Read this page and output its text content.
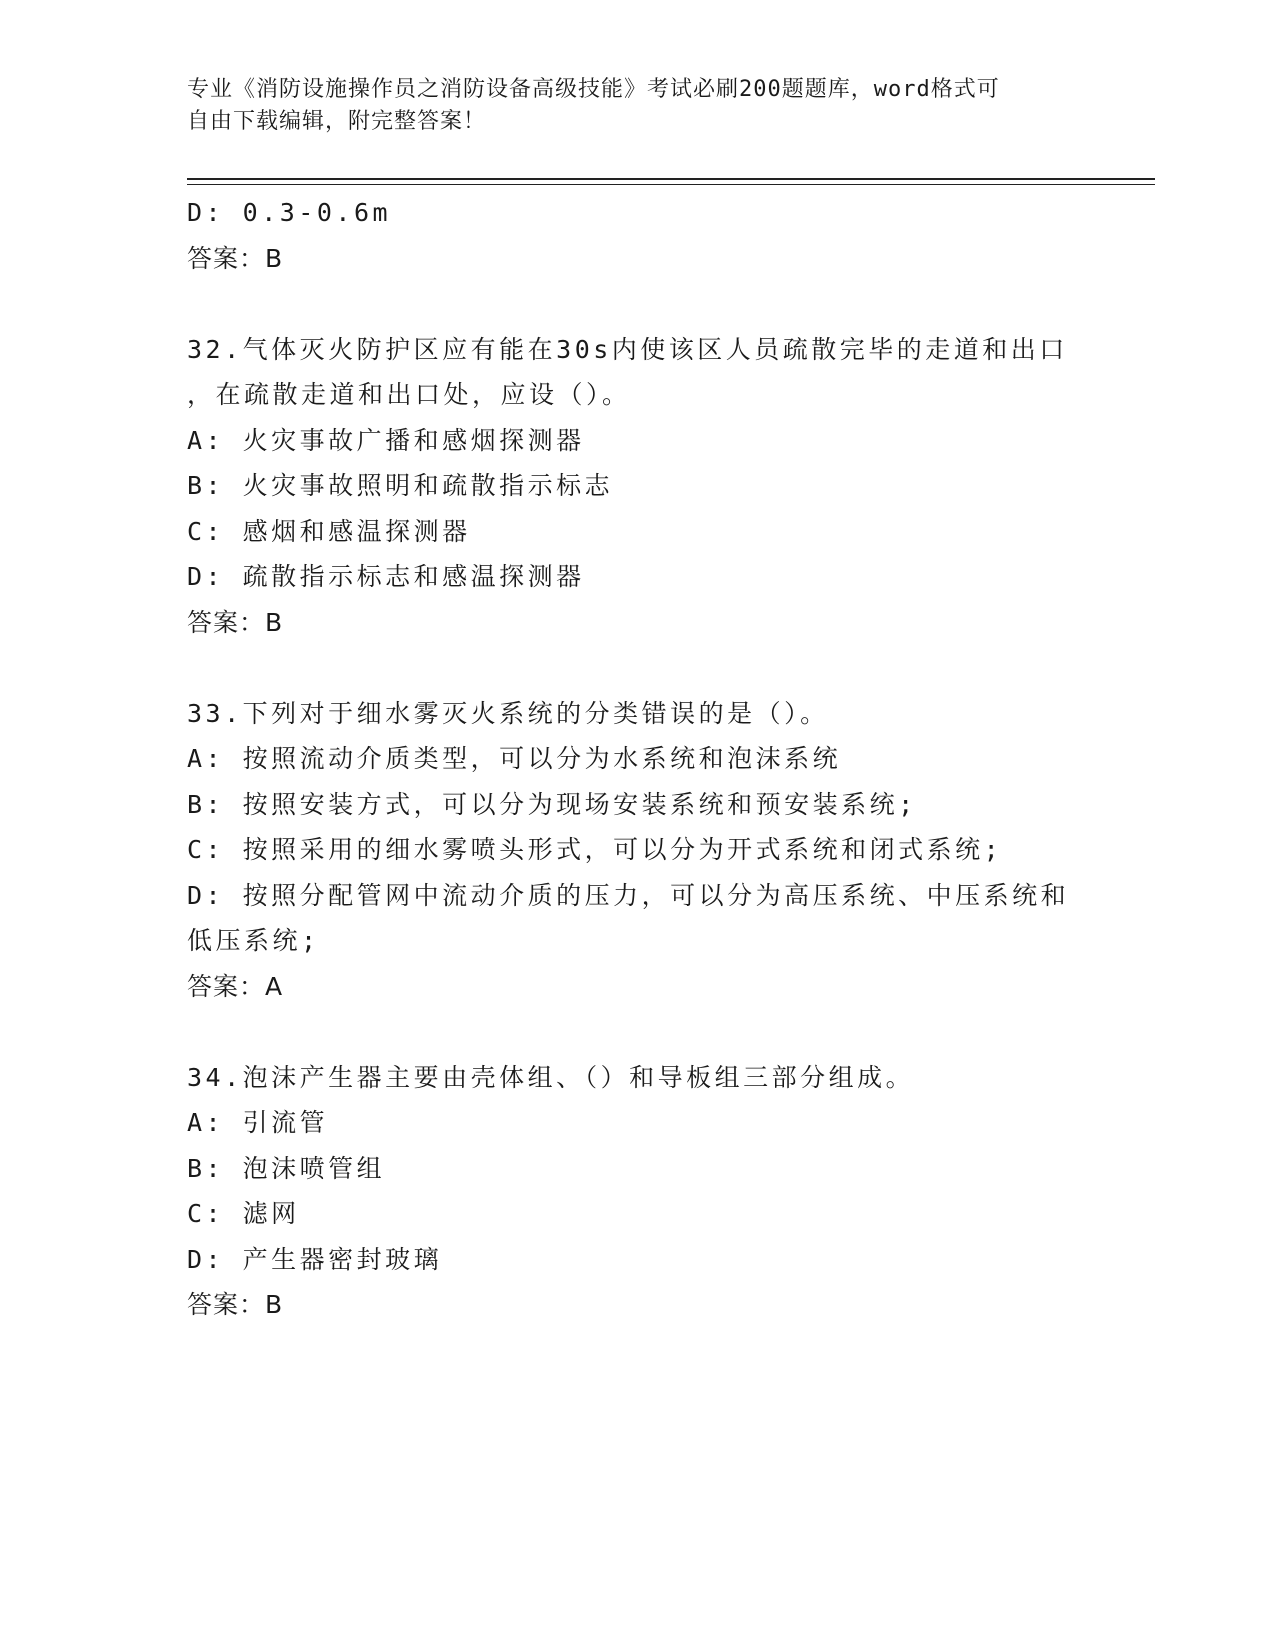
专业《消防设施操作员之消防设备高级技能》考试必刷200题题库，word格式可
自由下载编辑，附完整答案！
D: 0.3-0.6m
答案：B
32.气体灭火防护区应有能在30s内使该区人员疏散完毕的走道和出口
，在疏散走道和出口处，应设（）。
A: 火灾事故广播和感烟探测器
B: 火灾事故照明和疏散指示标志
C: 感烟和感温探测器
D: 疏散指示标志和感温探测器
答案：B
33.下列对于细水雾灭火系统的分类错误的是（）。
A: 按照流动介质类型，可以分为水系统和泡沫系统
B: 按照安装方式，可以分为现场安装系统和预安装系统;
C: 按照采用的细水雾喷头形式，可以分为开式系统和闭式系统;
D: 按照分配管网中流动介质的压力，可以分为高压系统、中压系统和
低压系统;
答案：A
34.泡沫产生器主要由壳体组、（）和导板组三部分组成。
A: 引流管
B: 泡沫喷管组
C: 滤网
D: 产生器密封玻璃
答案：B
